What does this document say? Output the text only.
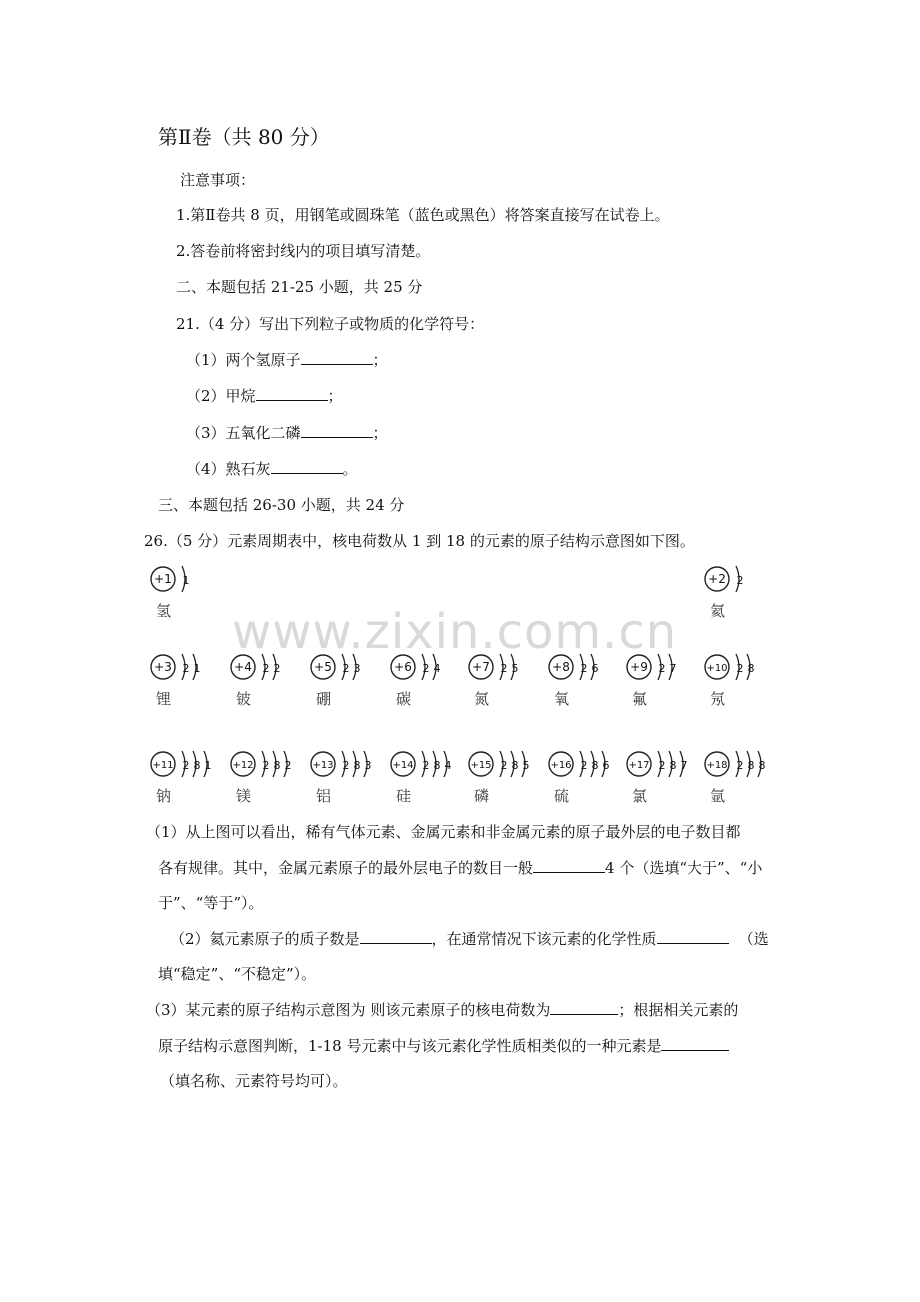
www.zixin.com.cn
第Ⅱ卷（共 80 分）
注意事项：
1.第Ⅱ卷共 8 页，用钢笔或圆珠笔（蓝色或黑色）将答案直接写在试卷上。
2.答卷前将密封线内的项目填写清楚。
二、本题包括 21-25 小题，共 25 分
21.（4 分）写出下列粒子或物质的化学符号：
（1）两个氢原子	；
（2）甲烷	；
（3）五氧化二磷	；
（4）熟石灰	。
三、本题包括 26-30 小题，共 24 分
26.（5 分）元素周期表中，核电荷数从 1 到 18 的元素的原子结构示意图如下图。
+1 1
氢
+2 2
氦
+3 2 1
锂
+4 2 2
铍
+5 2 3
硼
+6 2 4
碳
+7 2 5
氮
+8 2 6
氧
+9 2 7
氟
+10 2 8
氖
+11 2 8 1
钠
+12 2 8 2
镁
+13 2 8 3
铝
+14 2 8 4
硅
+15 2 8 5
磷
+16 2 8 6
硫
+17 2 8 7
氯
+18 2 8 8
氩
（1）从上图可以看出，稀有气体元素、金属元素和非金属元素的原子最外层的电子数目都
各有规律。其中，金属元素原子的最外层电子的数目一般	4 个（选填“大于”、“小
于”、“等于”）。
（2）氦元素原子的质子数是	，在通常情况下该元素的化学性质	（选
填“稳定”、“不稳定”）。
（3）某元素的原子结构示意图为 则该元素原子的核电荷数为	；根据相关元素的
原子结构示意图判断，1-18 号元素中与该元素化学性质相类似的一种元素是
（填名称、元素符号均可）。
